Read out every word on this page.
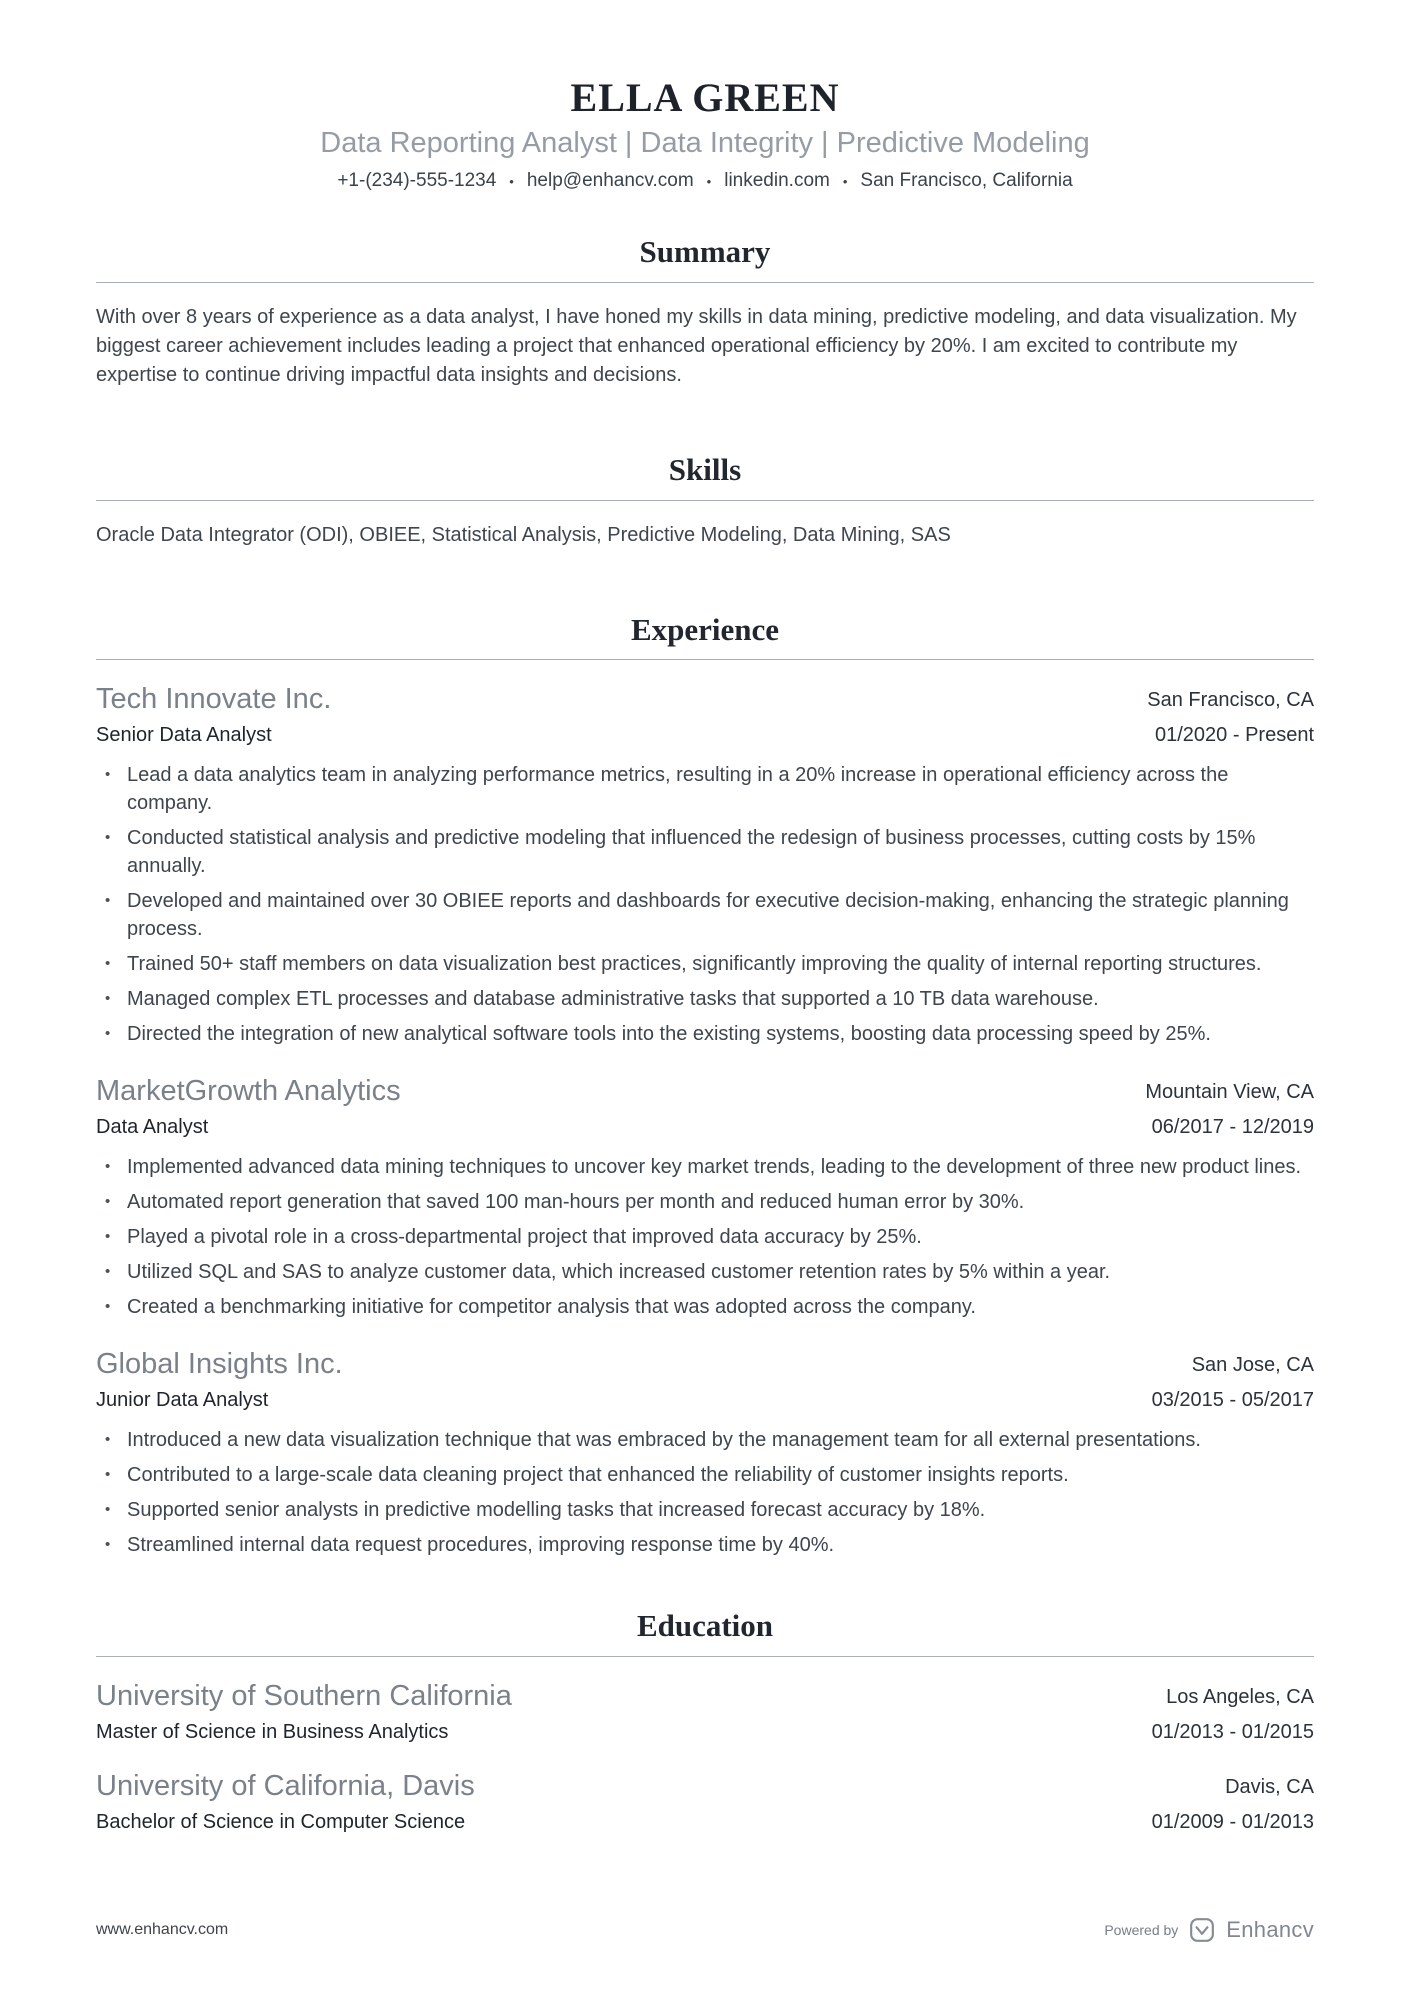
ELLA GREEN
Data Reporting Analyst | Data Integrity | Predictive Modeling
+1-(234)-555-1234 • help@enhancv.com • linkedin.com • San Francisco, California
Summary

With over 8 years of experience as a data analyst, I have honed my skills in data mining, predictive modeling, and data visualization. My biggest career achievement includes leading a project that enhanced operational efficiency by 20%. I am excited to contribute my expertise to continue driving impactful data insights and decisions.

Skills

Oracle Data Integrator (ODI), OBIEE, Statistical Analysis, Predictive Modeling, Data Mining, SAS

Experience
Tech Innovate Inc.
Senior Data Analyst
San Francisco, CA
01/2020 - Present
• Lead a data analytics team in analyzing performance metrics, resulting in a 20% increase in operational efficiency across the company.
• Conducted statistical analysis and predictive modeling that influenced the redesign of business processes, cutting costs by 15% annually.
• Developed and maintained over 30 OBIEE reports and dashboards for executive decision-making, enhancing the strategic planning process.
• Trained 50+ staff members on data visualization best practices, significantly improving the quality of internal reporting structures.
• Managed complex ETL processes and database administrative tasks that supported a 10 TB data warehouse.
• Directed the integration of new analytical software tools into the existing systems, boosting data processing speed by 25%.
MarketGrowth Analytics
Data Analyst
Mountain View, CA
06/2017 - 12/2019
• Implemented advanced data mining techniques to uncover key market trends, leading to the development of three new product lines.
• Automated report generation that saved 100 man-hours per month and reduced human error by 30%.
• Played a pivotal role in a cross-departmental project that improved data accuracy by 25%.
• Utilized SQL and SAS to analyze customer data, which increased customer retention rates by 5% within a year.
• Created a benchmarking initiative for competitor analysis that was adopted across the company.
Global Insights Inc.
Junior Data Analyst
San Jose, CA
03/2015 - 05/2017
• Introduced a new data visualization technique that was embraced by the management team for all external presentations.
• Contributed to a large-scale data cleaning project that enhanced the reliability of customer insights reports.
• Supported senior analysts in predictive modelling tasks that increased forecast accuracy by 18%.
• Streamlined internal data request procedures, improving response time by 40%.
Education
University of Southern California
Master of Science in Business Analytics
Los Angeles, CA
01/2013 - 01/2015
University of California, Davis
Bachelor of Science in Computer Science
Davis, CA
01/2009 - 01/2013
www.enhancv.com	Powered by Enhancv
